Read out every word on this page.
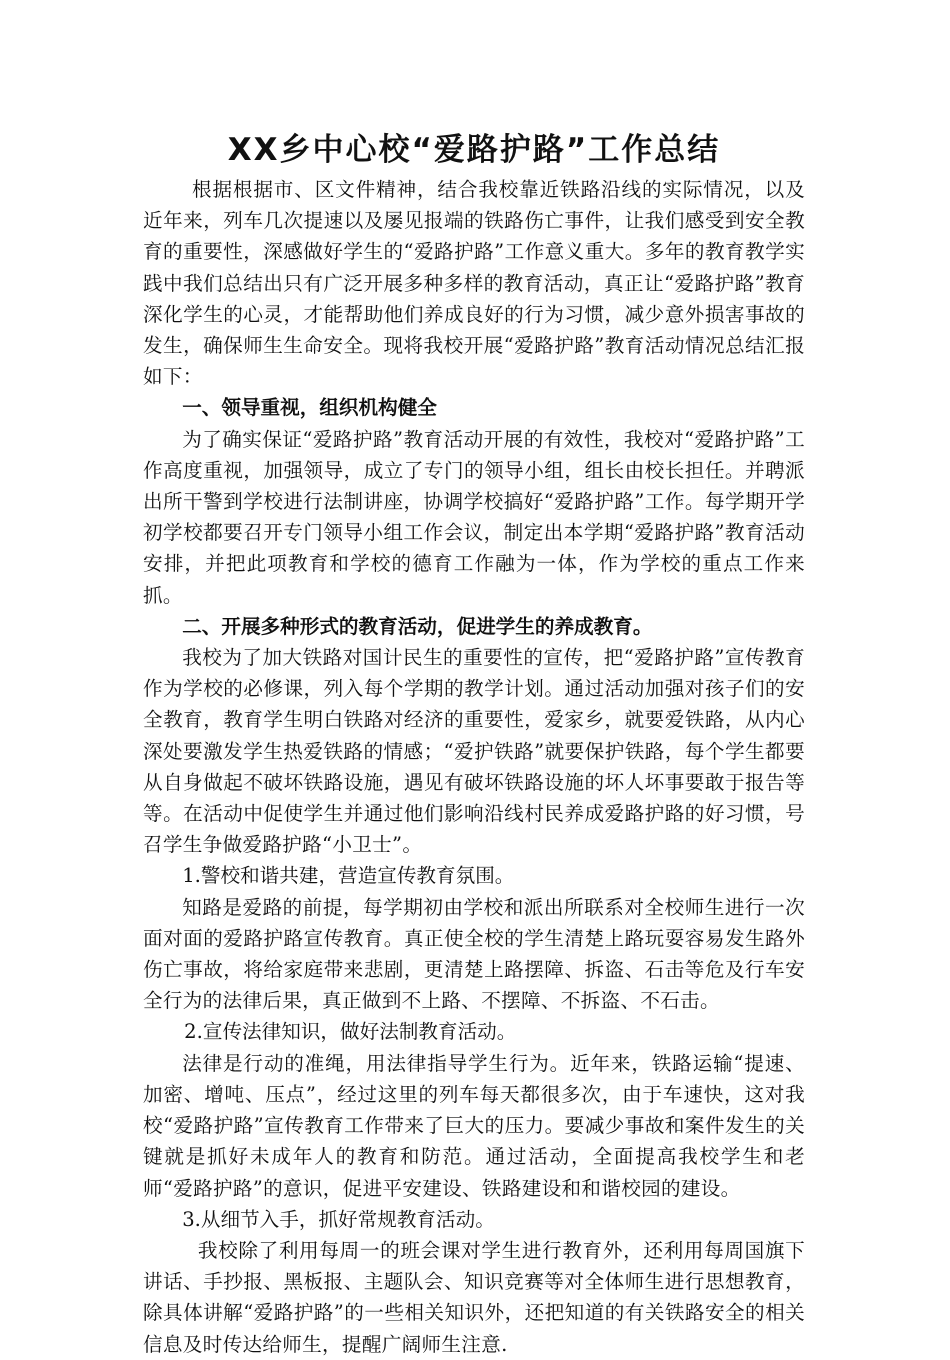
XX乡中心校“爱路护路”工作总结

根据根据市、区文件精神，结合我校靠近铁路沿线的实际情况，以及近年来，列车几次提速以及屡见报端的铁路伤亡事件，让我们感受到安全教育的重要性，深感做好学生的“爱路护路”工作意义重大。多年的教育教学实践中我们总结出只有广泛开展多种多样的教育活动，真正让“爱路护路”教育深化学生的心灵，才能帮助他们养成良好的行为习惯，减少意外损害事故的发生，确保师生生命安全。现将我校开展“爱路护路”教育活动情况总结汇报如下：

一、领导重视，组织机构健全

为了确实保证“爱路护路”教育活动开展的有效性，我校对“爱路护路”工作高度重视，加强领导，成立了专门的领导小组，组长由校长担任。并聘派出所干警到学校进行法制讲座，协调学校搞好“爱路护路”工作。每学期开学初学校都要召开专门领导小组工作会议，制定出本学期“爱路护路”教育活动安排，并把此项教育和学校的德育工作融为一体，作为学校的重点工作来抓。

二、开展多种形式的教育活动，促进学生的养成教育。

我校为了加大铁路对国计民生的重要性的宣传，把“爱路护路”宣传教育作为学校的必修课，列入每个学期的教学计划。通过活动加强对孩子们的安全教育，教育学生明白铁路对经济的重要性，爱家乡，就要爱铁路，从内心深处要激发学生热爱铁路的情感；“爱护铁路”就要保护铁路，每个学生都要从自身做起不破坏铁路设施，遇见有破坏铁路设施的坏人坏事要敢于报告等等。在活动中促使学生并通过他们影响沿线村民养成爱路护路的好习惯，号召学生争做爱路护路“小卫士”。

1.警校和谐共建，营造宣传教育氛围。

知路是爱路的前提，每学期初由学校和派出所联系对全校师生进行一次面对面的爱路护路宣传教育。真正使全校的学生清楚上路玩耍容易发生路外伤亡事故，将给家庭带来悲剧，更清楚上路摆障、拆盗、石击等危及行车安全行为的法律后果，真正做到不上路、不摆障、不拆盗、不石击。

2.宣传法律知识，做好法制教育活动。

法律是行动的准绳，用法律指导学生行为。近年来，铁路运输“提速、加密、增吨、压点”，经过这里的列车每天都很多次，由于车速快，这对我校“爱路护路”宣传教育工作带来了巨大的压力。要减少事故和案件发生的关键就是抓好未成年人的教育和防范。通过活动，全面提高我校学生和老师“爱路护路”的意识，促进平安建设、铁路建设和和谐校园的建设。

3.从细节入手，抓好常规教育活动。

我校除了利用每周一的班会课对学生进行教育外，还利用每周国旗下讲话、手抄报、黑板报、主题队会、知识竞赛等对全体师生进行思想教育，除具体讲解“爱路护路”的一些相关知识外，还把知道的有关铁路安全的相关信息及时传达给师生，提醒广阔师生注意.
